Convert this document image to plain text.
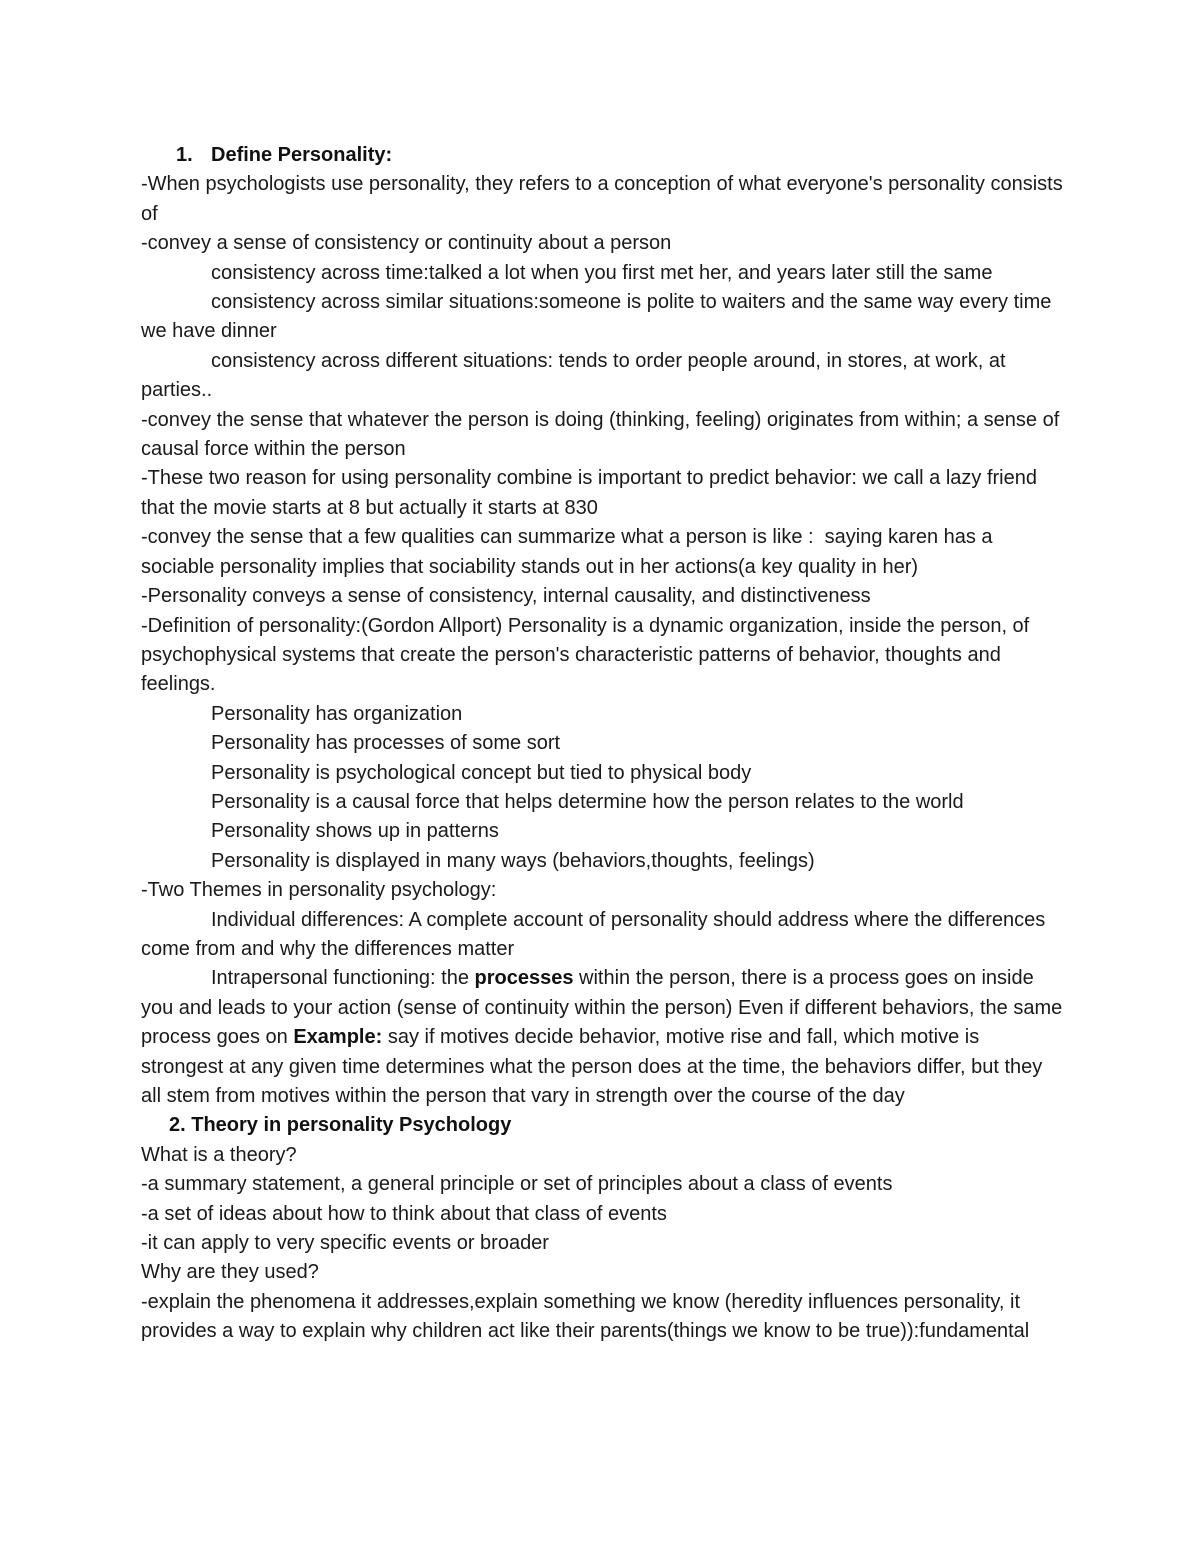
1. Define Personality:
-When psychologists use personality, they refers to a conception of what everyone's personality consists of
-convey a sense of consistency or continuity about a person
consistency across time:talked a lot when you first met her, and years later still the same
consistency across similar situations:someone is polite to waiters and the same way every time we have dinner
consistency across different situations: tends to order people around, in stores, at work, at parties..
-convey the sense that whatever the person is doing (thinking, feeling) originates from within; a sense of causal force within the person
-These two reason for using personality combine is important to predict behavior: we call a lazy friend that the movie starts at 8 but actually it starts at 830
-convey the sense that a few qualities can summarize what a person is like :  saying karen has a sociable personality implies that sociability stands out in her actions(a key quality in her)
-Personality conveys a sense of consistency, internal causality, and distinctiveness
-Definition of personality:(Gordon Allport) Personality is a dynamic organization, inside the person, of psychophysical systems that create the person's characteristic patterns of behavior, thoughts and feelings.
Personality has organization
Personality has processes of some sort
Personality is psychological concept but tied to physical body
Personality is a causal force that helps determine how the person relates to the world
Personality shows up in patterns
Personality is displayed in many ways (behaviors,thoughts, feelings)
-Two Themes in personality psychology:
Individual differences: A complete account of personality should address where the differences come from and why the differences matter
Intrapersonal functioning: the processes within the person, there is a process goes on inside you and leads to your action (sense of continuity within the person) Even if different behaviors, the same process goes on Example: say if motives decide behavior, motive rise and fall, which motive is strongest at any given time determines what the person does at the time, the behaviors differ, but they all stem from motives within the person that vary in strength over the course of the day
2. Theory in personality Psychology
What is a theory?
-a summary statement, a general principle or set of principles about a class of events
-a set of ideas about how to think about that class of events
-it can apply to very specific events or broader
Why are they used?
-explain the phenomena it addresses,explain something we know (heredity influences personality, it provides a way to explain why children act like their parents(things we know to be true)):fundamental
